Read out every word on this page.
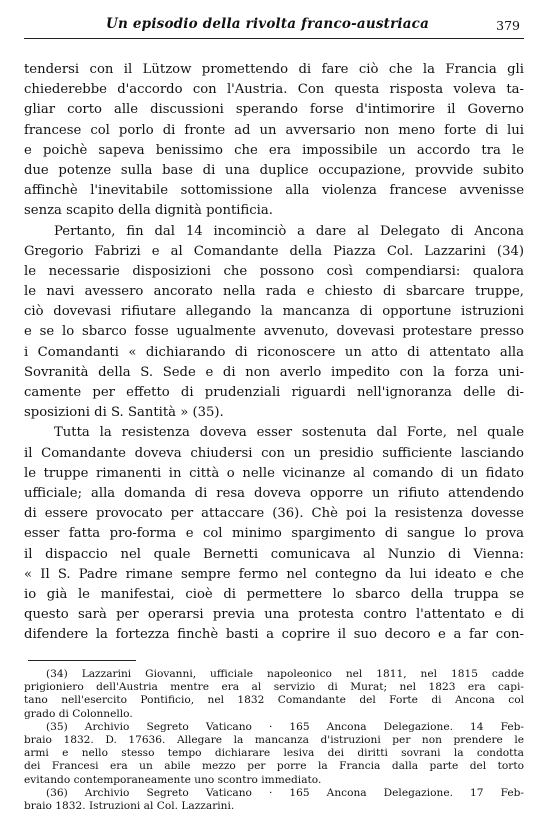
Un episodio della rivolta franco-austriaca	379
tendersi con il Lützow promettendo di fare ciò che la Francia gli
chiederebbe d'accordo con l'Austria. Con questa risposta voleva ta-
gliar corto alle discussioni sperando forse d'intimorire il Governo
francese col porlo di fronte ad un avversario non meno forte di lui
e poichè sapeva benissimo che era impossibile un accordo tra le
due potenze sulla base di una duplice occupazione, provvide subito
affinchè l'inevitabile sottomissione alla violenza francese avvenisse
senza scapito della dignità pontificia.
Pertanto, fin dal 14 incominciò a dare al Delegato di Ancona
Gregorio Fabrizi e al Comandante della Piazza Col. Lazzarini (34)
le necessarie disposizioni che possono così compendiarsi: qualora
le navi avessero ancorato nella rada e chiesto di sbarcare truppe,
ciò dovevasi rifiutare allegando la mancanza di opportune istruzioni
e se lo sbarco fosse ugualmente avvenuto, dovevasi protestare presso
i Comandanti « dichiarando di riconoscere un atto di attentato alla
Sovranità della S. Sede e di non averlo impedito con la forza uni-
camente per effetto di prudenziali riguardi nell'ignoranza delle di-
sposizioni di S. Santità » (35).
Tutta la resistenza doveva esser sostenuta dal Forte, nel quale
il Comandante doveva chiudersi con un presidio sufficiente lasciando
le truppe rimanenti in città o nelle vicinanze al comando di un fidato
ufficiale; alla domanda di resa doveva opporre un rifiuto attendendo
di essere provocato per attaccare (36). Chè poi la resistenza dovesse
esser fatta pro-forma e col minimo spargimento di sangue lo prova
il dispaccio nel quale Bernetti comunicava al Nunzio di Vienna:
« Il S. Padre rimane sempre fermo nel contegno da lui ideato e che
io già le manifestai, cioè di permettere lo sbarco della truppa se
questo sarà per operarsi previa una protesta contro l'attentato e di
difendere la fortezza finchè basti a coprire il suo decoro e a far con-
(34) Lazzarini Giovanni, ufficiale napoleonico nel 1811, nel 1815 cadde
prigioniero dell'Austria mentre era al servizio di Murat; nel 1823 era capi-
tano nell'esercito Pontificio, nel 1832 Comandante del Forte di Ancona col
grado di Colonnello.
(35) Archivio Segreto Vaticano · 165 Ancona Delegazione. 14 Feb-
braio 1832. D. 17636. Allegare la mancanza d'istruzioni per non prendere le
armi e nello stesso tempo dichiarare lesiva dei diritti sovrani la condotta
dei Francesi era un abile mezzo per porre la Francia dalla parte del torto
evitando contemporaneamente uno scontro immediato.
(36) Archivio Segreto Vaticano · 165 Ancona Delegazione. 17 Feb-
braio 1832. Istruzioni al Col. Lazzarini.
